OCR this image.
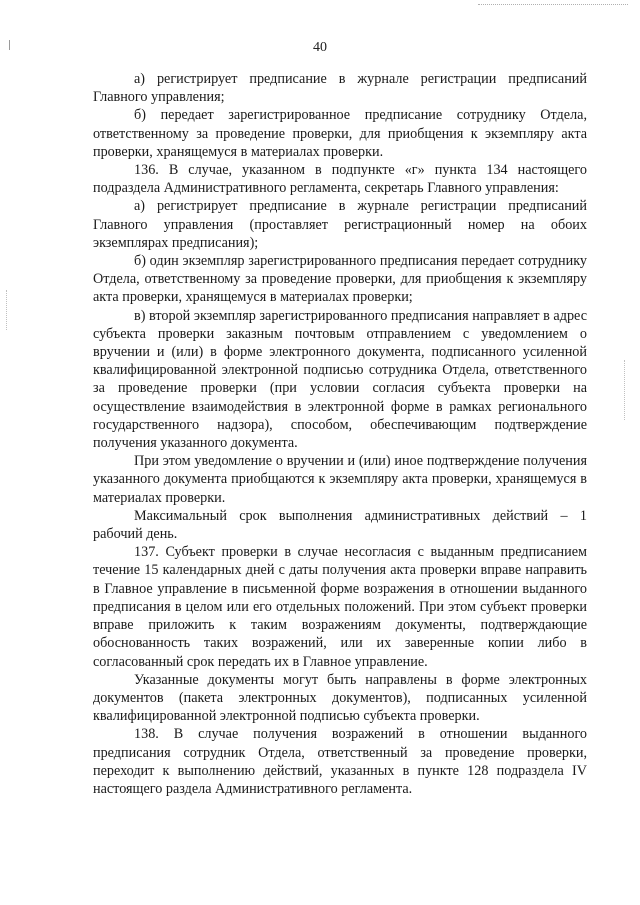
40

а) регистрирует предписание в журнале регистрации предписаний Главного управления;

б) передает зарегистрированное предписание сотруднику Отдела, ответственному за проведение проверки, для приобщения к экземпляру акта проверки, хранящемуся в материалах проверки.

136. В случае, указанном в подпункте «г» пункта 134 настоящего подраздела Административного регламента, секретарь Главного управления:

а) регистрирует предписание в журнале регистрации предписаний Главного управления (проставляет регистрационный номер на обоих экземплярах предписания);

б) один экземпляр зарегистрированного предписания передает сотруднику Отдела, ответственному за проведение проверки, для приобщения к экземпляру акта проверки, хранящемуся в материалах проверки;

в) второй экземпляр зарегистрированного предписания направляет в адрес субъекта проверки заказным почтовым отправлением с уведомлением о вручении и (или) в форме электронного документа, подписанного усиленной квалифицированной электронной подписью сотрудника Отдела, ответственного за проведение проверки (при условии согласия субъекта проверки на осуществление взаимодействия в электронной форме в рамках регионального государственного надзора), способом, обеспечивающим подтверждение получения указанного документа.

При этом уведомление о вручении и (или) иное подтверждение получения указанного документа приобщаются к экземпляру акта проверки, хранящемуся в материалах проверки.

Максимальный срок выполнения административных действий – 1 рабочий день.

137. Субъект проверки в случае несогласия с выданным предписанием течение 15 календарных дней с даты получения акта проверки вправе направить в Главное управление в письменной форме возражения в отношении выданного предписания в целом или его отдельных положений. При этом субъект проверки вправе приложить к таким возражениям документы, подтверждающие обоснованность таких возражений, или их заверенные копии либо в согласованный срок передать их в Главное управление.

Указанные документы могут быть направлены в форме электронных документов (пакета электронных документов), подписанных усиленной квалифицированной электронной подписью субъекта проверки.

138. В случае получения возражений в отношении выданного предписания сотрудник Отдела, ответственный за проведение проверки, переходит к выполнению действий, указанных в пункте 128 подраздела IV настоящего раздела Административного регламента.
